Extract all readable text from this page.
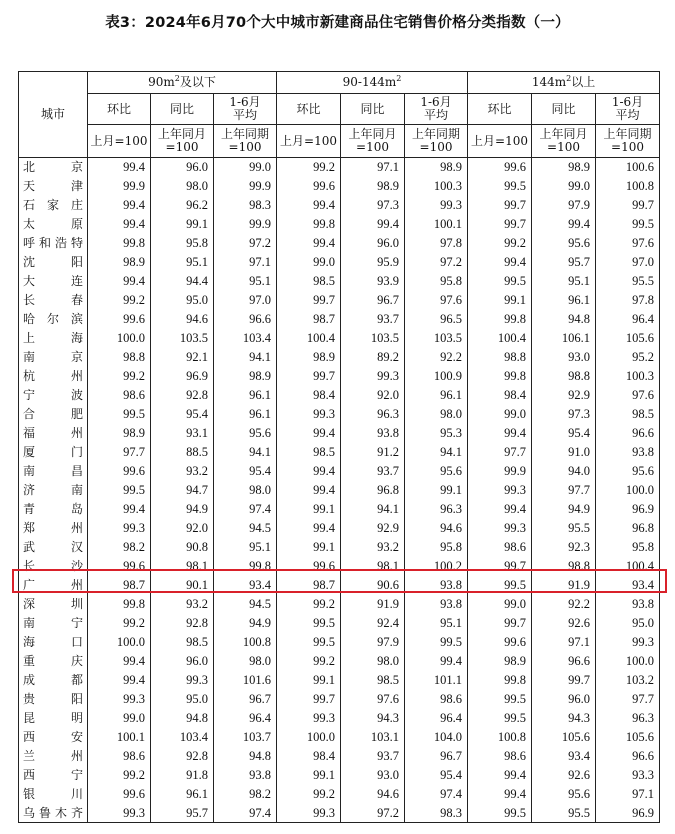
表3：2024年6月70个大中城市新建商品住宅销售价格分类指数（一）
城市	$90m^2$及以下			$90-144m^2$			$144m^2$以上		
	环比	同比	1-6月平均	环比	同比	1-6月平均	环比	同比	1-6月平均
	上月=100	上年同月=100	上年同期=100	上月=100	上年同月=100	上年同期=100	上月=100	上年同月=100	上年同期=100
北京	99.4	96.0	99.0	99.2	97.1	98.9	99.6	98.9	100.6
天津	99.9	98.0	99.9	99.6	98.9	100.3	99.5	99.0	100.8
石家庄	99.4	96.2	98.3	99.4	97.3	99.3	99.7	97.9	99.7
太原	99.4	99.1	99.9	99.8	99.4	100.1	99.7	99.4	99.5
呼和浩特	99.8	95.8	97.2	99.4	96.0	97.8	99.2	95.6	97.6
沈阳	98.9	95.1	97.1	99.0	95.9	97.2	99.4	95.7	97.0
大连	99.4	94.4	95.1	98.5	93.9	95.8	99.5	95.1	95.5
长春	99.2	95.0	97.0	99.7	96.7	97.6	99.1	96.1	97.8
哈尔滨	99.6	94.6	96.6	98.7	93.7	96.5	99.8	94.8	96.4
上海	100.0	103.5	103.4	100.4	103.5	103.5	100.4	106.1	105.6
南京	98.8	92.1	94.1	98.9	89.2	92.2	98.8	93.0	95.2
杭州	99.2	96.9	98.9	99.7	99.3	100.9	99.8	98.8	100.3
宁波	98.6	92.8	96.1	98.4	92.0	96.1	98.4	92.9	97.6
合肥	99.5	95.4	96.1	99.3	96.3	98.0	99.0	97.3	98.5
福州	98.9	93.1	95.6	99.4	93.8	95.3	99.4	95.4	96.6
厦门	97.7	88.5	94.1	98.5	91.2	94.1	97.7	91.0	93.8
南昌	99.6	93.2	95.4	99.4	93.7	95.6	99.9	94.0	95.6
济南	99.5	94.7	98.0	99.4	96.8	99.1	99.3	97.7	100.0
青岛	99.4	94.9	97.4	99.1	94.1	96.3	99.4	94.9	96.9
郑州	99.3	92.0	94.5	99.4	92.9	94.6	99.3	95.5	96.8
武汉	98.2	90.8	95.1	99.1	93.2	95.8	98.6	92.3	95.8
长沙	99.6	98.1	99.8	99.6	98.1	100.2	99.7	98.8	100.4
广州	98.7	90.1	93.4	98.7	90.6	93.8	99.5	91.9	93.4
深圳	99.8	93.2	94.5	99.2	91.9	93.8	99.0	92.2	93.8
南宁	99.2	92.8	94.9	99.5	92.4	95.1	99.7	92.6	95.0
海口	100.0	98.5	100.8	99.5	97.9	99.5	99.6	97.1	99.3
重庆	99.4	96.0	98.0	99.2	98.0	99.4	98.9	96.6	100.0
成都	99.4	99.3	101.6	99.1	98.5	101.1	99.8	99.7	103.2
贵阳	99.3	95.0	96.7	99.7	97.6	98.6	99.5	96.0	97.7
昆明	99.0	94.8	96.4	99.3	94.3	96.4	99.5	94.3	96.3
西安	100.1	103.4	103.7	100.0	103.1	104.0	100.8	105.6	105.6
兰州	98.6	92.8	94.8	98.4	93.7	96.7	98.6	93.4	96.6
西宁	99.2	91.8	93.8	99.1	93.0	95.4	99.4	92.6	93.3
银川	99.6	96.1	98.2	99.2	94.6	97.4	99.4	95.6	97.1
乌鲁木齐	99.3	95.7	97.4	99.3	97.2	98.3	99.5	95.5	96.9
